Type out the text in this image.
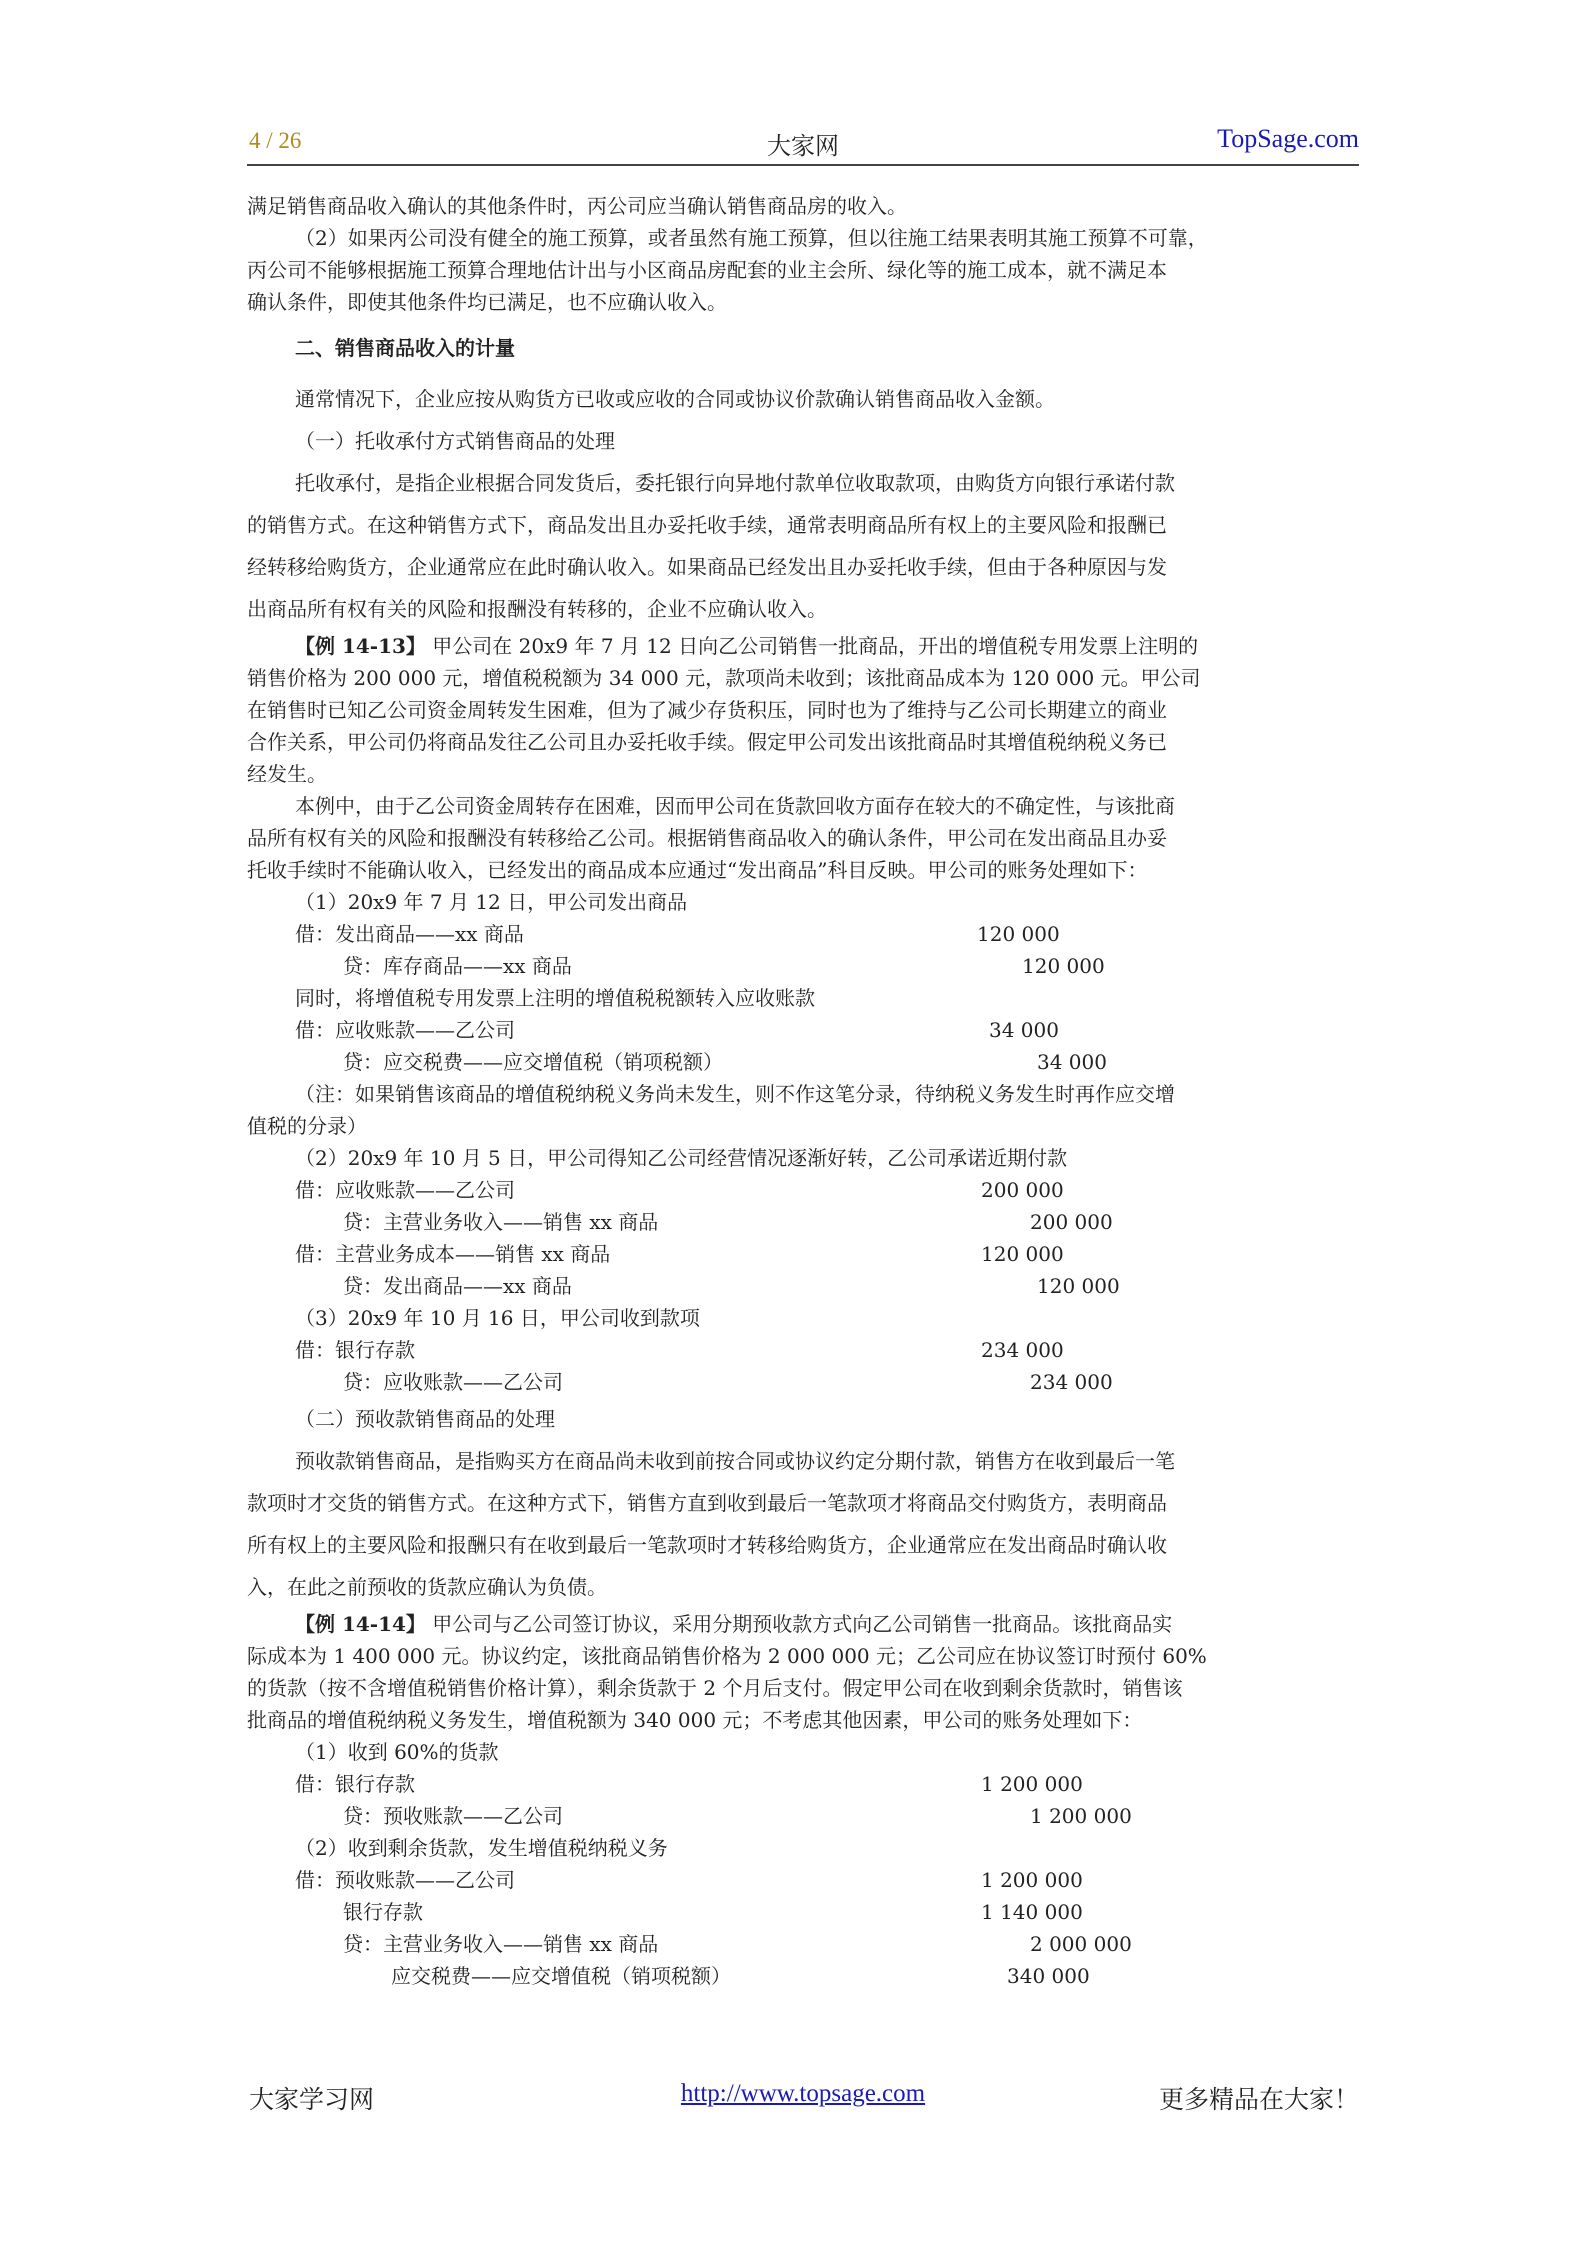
4 / 26	大家网	TopSage.com
满足销售商品收入确认的其他条件时，丙公司应当确认销售商品房的收入。
（2）如果丙公司没有健全的施工预算，或者虽然有施工预算，但以往施工结果表明其施工预算不可靠，
丙公司不能够根据施工预算合理地估计出与小区商品房配套的业主会所、绿化等的施工成本，就不满足本
确认条件，即使其他条件均已满足，也不应确认收入。
二、销售商品收入的计量
通常情况下，企业应按从购货方已收或应收的合同或协议价款确认销售商品收入金额。
（一）托收承付方式销售商品的处理
托收承付，是指企业根据合同发货后，委托银行向异地付款单位收取款项，由购货方向银行承诺付款
的销售方式。在这种销售方式下，商品发出且办妥托收手续，通常表明商品所有权上的主要风险和报酬已
经转移给购货方，企业通常应在此时确认收入。如果商品已经发出且办妥托收手续，但由于各种原因与发
出商品所有权有关的风险和报酬没有转移的，企业不应确认收入。
【例 14-13】 甲公司在 20x9 年 7 月 12 日向乙公司销售一批商品，开出的增值税专用发票上注明的
销售价格为 200 000 元，增值税税额为 34 000 元，款项尚未收到；该批商品成本为 120 000 元。甲公司
在销售时已知乙公司资金周转发生困难，但为了减少存货积压，同时也为了维持与乙公司长期建立的商业
合作关系，甲公司仍将商品发往乙公司且办妥托收手续。假定甲公司发出该批商品时其增值税纳税义务已
经发生。
本例中，由于乙公司资金周转存在困难，因而甲公司在货款回收方面存在较大的不确定性，与该批商
品所有权有关的风险和报酬没有转移给乙公司。根据销售商品收入的确认条件，甲公司在发出商品且办妥
托收手续时不能确认收入，已经发出的商品成本应通过“发出商品”科目反映。甲公司的账务处理如下：
（1）20x9 年 7 月 12 日，甲公司发出商品
借：发出商品——xx 商品	120 000
贷：库存商品——xx 商品	120 000
同时，将增值税专用发票上注明的增值税税额转入应收账款
借：应收账款——乙公司	34 000
贷：应交税费——应交增值税（销项税额）	34 000
（注：如果销售该商品的增值税纳税义务尚未发生，则不作这笔分录，待纳税义务发生时再作应交增
值税的分录）
（2）20x9 年 10 月 5 日，甲公司得知乙公司经营情况逐渐好转，乙公司承诺近期付款
借：应收账款——乙公司	200 000
贷：主营业务收入——销售 xx 商品	200 000
借：主营业务成本——销售 xx 商品	120 000
贷：发出商品——xx 商品	120 000
（3）20x9 年 10 月 16 日，甲公司收到款项
借：银行存款	234 000
贷：应收账款——乙公司	234 000
（二）预收款销售商品的处理
预收款销售商品，是指购买方在商品尚未收到前按合同或协议约定分期付款，销售方在收到最后一笔
款项时才交货的销售方式。在这种方式下，销售方直到收到最后一笔款项才将商品交付购货方，表明商品
所有权上的主要风险和报酬只有在收到最后一笔款项时才转移给购货方，企业通常应在发出商品时确认收
入，在此之前预收的货款应确认为负债。
【例 14-14】 甲公司与乙公司签订协议，采用分期预收款方式向乙公司销售一批商品。该批商品实
际成本为 1 400 000 元。协议约定，该批商品销售价格为 2 000 000 元；乙公司应在协议签订时预付 60%
的货款（按不含增值税销售价格计算），剩余货款于 2 个月后支付。假定甲公司在收到剩余货款时，销售该
批商品的增值税纳税义务发生，增值税额为 340 000 元；不考虑其他因素，甲公司的账务处理如下：
（1）收到 60%的货款
借：银行存款	1 200 000
贷：预收账款——乙公司	1 200 000
（2）收到剩余货款，发生增值税纳税义务
借：预收账款——乙公司	1 200 000
银行存款	1 140 000
贷：主营业务收入——销售 xx 商品	2 000 000
应交税费——应交增值税（销项税额）	340 000
大家学习网	http://www.topsage.com	更多精品在大家！
